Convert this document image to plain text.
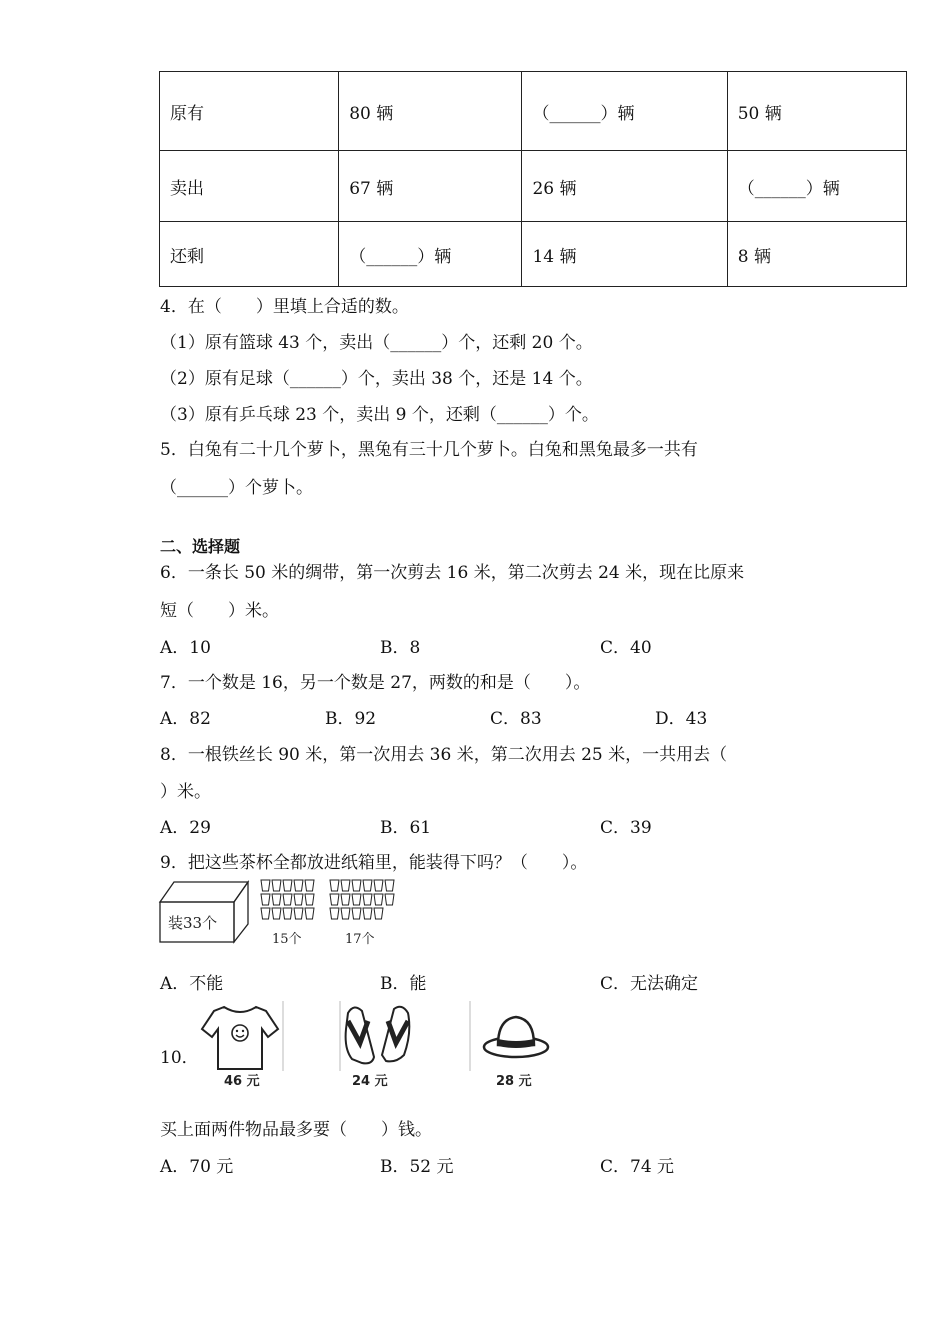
原有	80 辆	（______）辆	50 辆
卖出	67 辆	26 辆	（______）辆
还剩	（______）辆	14 辆	8 辆
4．在（　　）里填上合适的数。
（1）原有篮球 43 个，卖出（______）个，还剩 20 个。
（2）原有足球（______）个，卖出 38 个，还是 14 个。
（3）原有乒乓球 23 个，卖出 9 个，还剩（______）个。
5．白兔有二十几个萝卜，黑兔有三十几个萝卜。白兔和黑兔最多一共有
（______）个萝卜。
二、选择题
6．一条长 50 米的绸带，第一次剪去 16 米，第二次剪去 24 米，现在比原来
短（　　）米。
A．10	B．8	C．40
7．一个数是 16，另一个数是 27，两数的和是（　　）。
A．82	B．92	C．83	D．43
8．一根铁丝长 90 米，第一次用去 36 米，第二次用去 25 米，一共用去（
）米。
A．29	B．61	C．39
9．把这些茶杯全都放进纸箱里，能装得下吗？（　　）。
装33个
15个	17个
A．不能	B．能	C．无法确定
10．
46 元	24 元	28 元
买上面两件物品最多要（　　）钱。
A．70 元	B．52 元	C．74 元
